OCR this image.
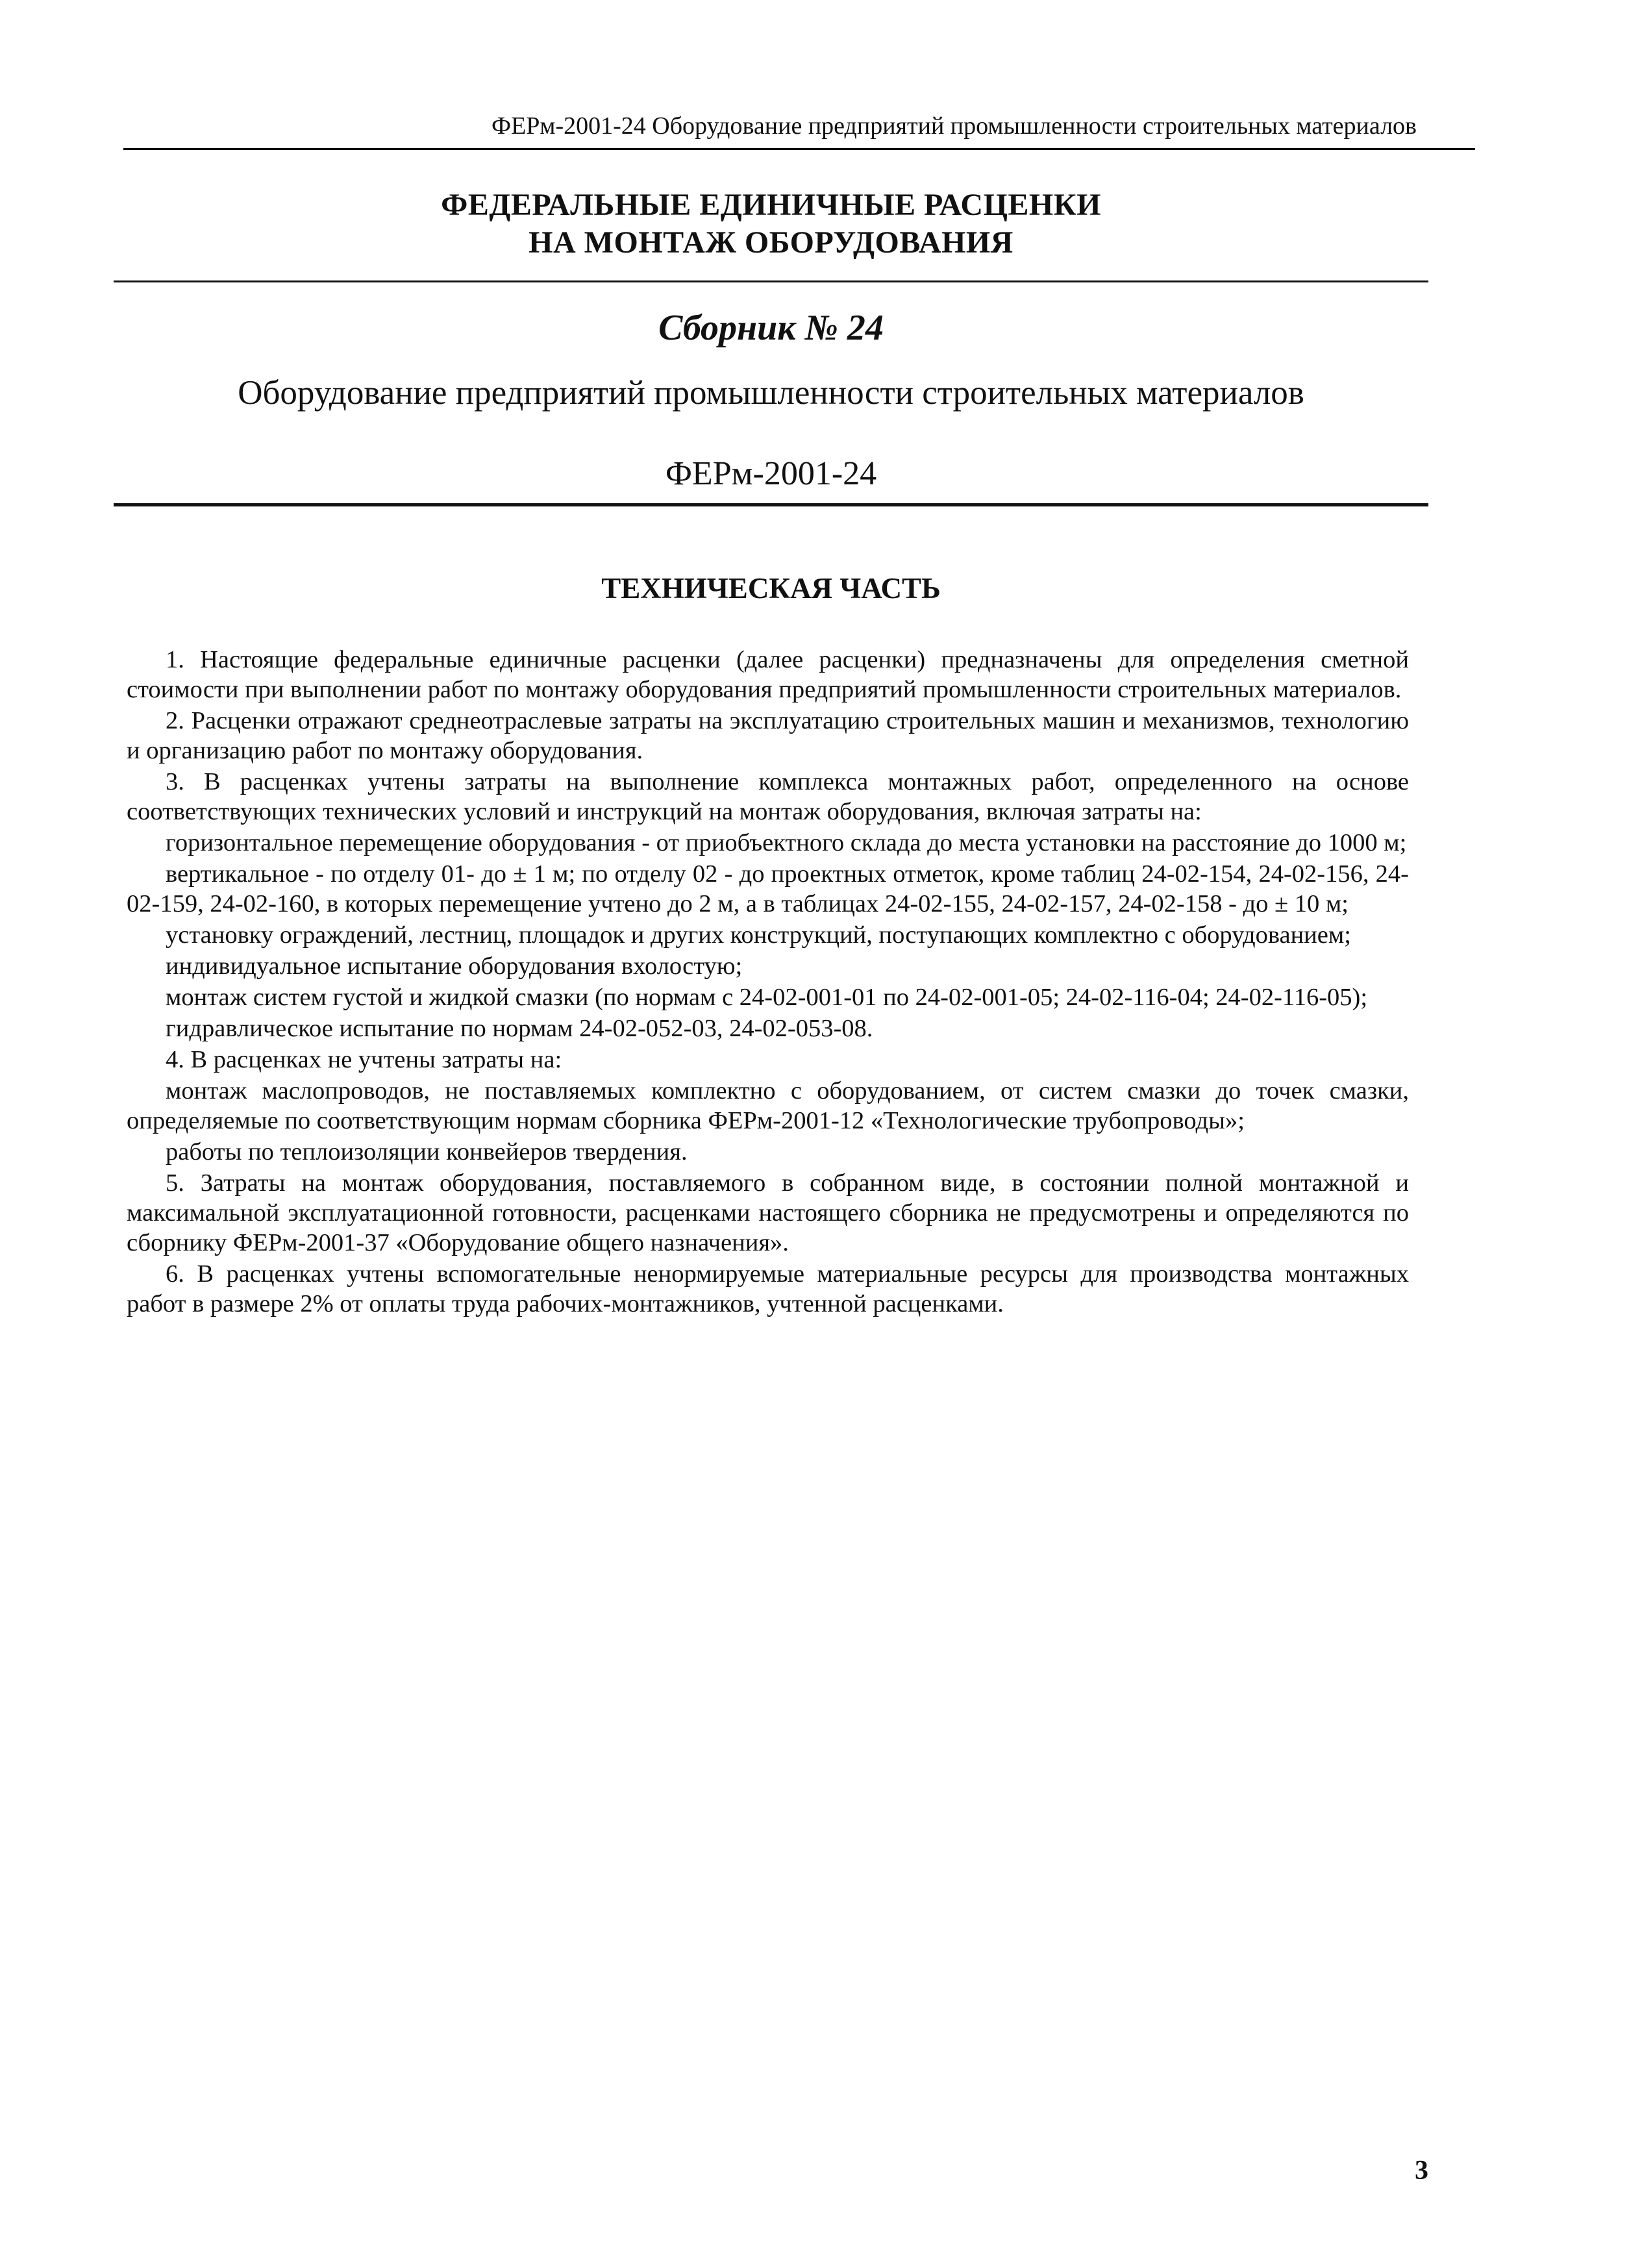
ФЕРм-2001-24 Оборудование предприятий промышленности строительных материалов
ФЕДЕРАЛЬНЫЕ ЕДИНИЧНЫЕ РАСЦЕНКИ
НА МОНТАЖ ОБОРУДОВАНИЯ
Сборник № 24
Оборудование предприятий промышленности строительных материалов
ФЕРм-2001-24
ТЕХНИЧЕСКАЯ ЧАСТЬ

1. Настоящие федеральные единичные расценки (далее расценки) предназначены для определения сметной стоимости при выполнении работ по монтажу оборудования предприятий промышленности строительных материалов.

2. Расценки отражают среднеотраслевые затраты на эксплуатацию строительных машин и механизмов, технологию и организацию работ по монтажу оборудования.

3. В расценках учтены затраты на выполнение комплекса монтажных работ, определенного на основе соответствующих технических условий и инструкций на монтаж оборудования, включая затраты на:

горизонтальное перемещение оборудования - от приобъектного склада до места установки на расстояние до 1000 м;

вертикальное - по отделу 01- до ± 1 м; по отделу 02 - до проектных отметок, кроме таблиц 24-02-154, 24-02-156, 24-02-159, 24-02-160, в которых перемещение учтено до 2 м, а в таблицах 24-02-155, 24-02-157, 24-02-158 - до ± 10 м;

установку ограждений, лестниц, площадок и других конструкций, поступающих комплектно с оборудованием;

индивидуальное испытание оборудования вхолостую;

монтаж систем густой и жидкой смазки (по нормам с 24-02-001-01 по 24-02-001-05; 24-02-116-04; 24-02-116-05);

гидравлическое испытание по нормам 24-02-052-03, 24-02-053-08.

4. В расценках не учтены затраты на:

монтаж маслопроводов, не поставляемых комплектно с оборудованием, от систем смазки до точек смазки, определяемые по соответствующим нормам сборника ФЕРм-2001-12 «Технологические трубопроводы»;

работы по теплоизоляции конвейеров твердения.

5. Затраты на монтаж оборудования, поставляемого в собранном виде, в состоянии полной монтажной и максимальной эксплуатационной готовности, расценками настоящего сборника не предусмотрены и определяются по сборнику ФЕРм-2001-37 «Оборудование общего назначения».

6. В расценках учтены вспомогательные ненормируемые материальные ресурсы для производства монтажных работ в размере 2% от оплаты труда рабочих-монтажников, учтенной расценками.

3
